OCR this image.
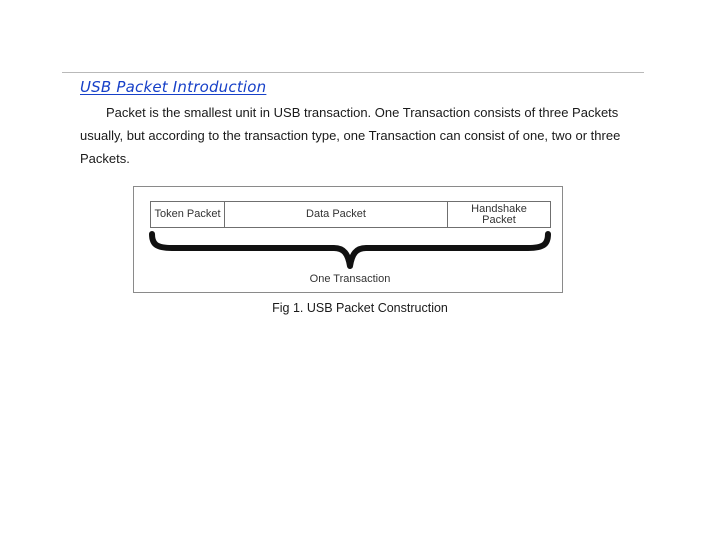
USB Packet Introduction

Packet is the smallest unit in USB transaction. One Transaction consists of three Packets
usually, but according to the transaction type, one Transaction can consist of one, two or three
Packets.

Token Packet	Data Packet	Handshake
Packet
One Transaction
Fig 1. USB Packet Construction
